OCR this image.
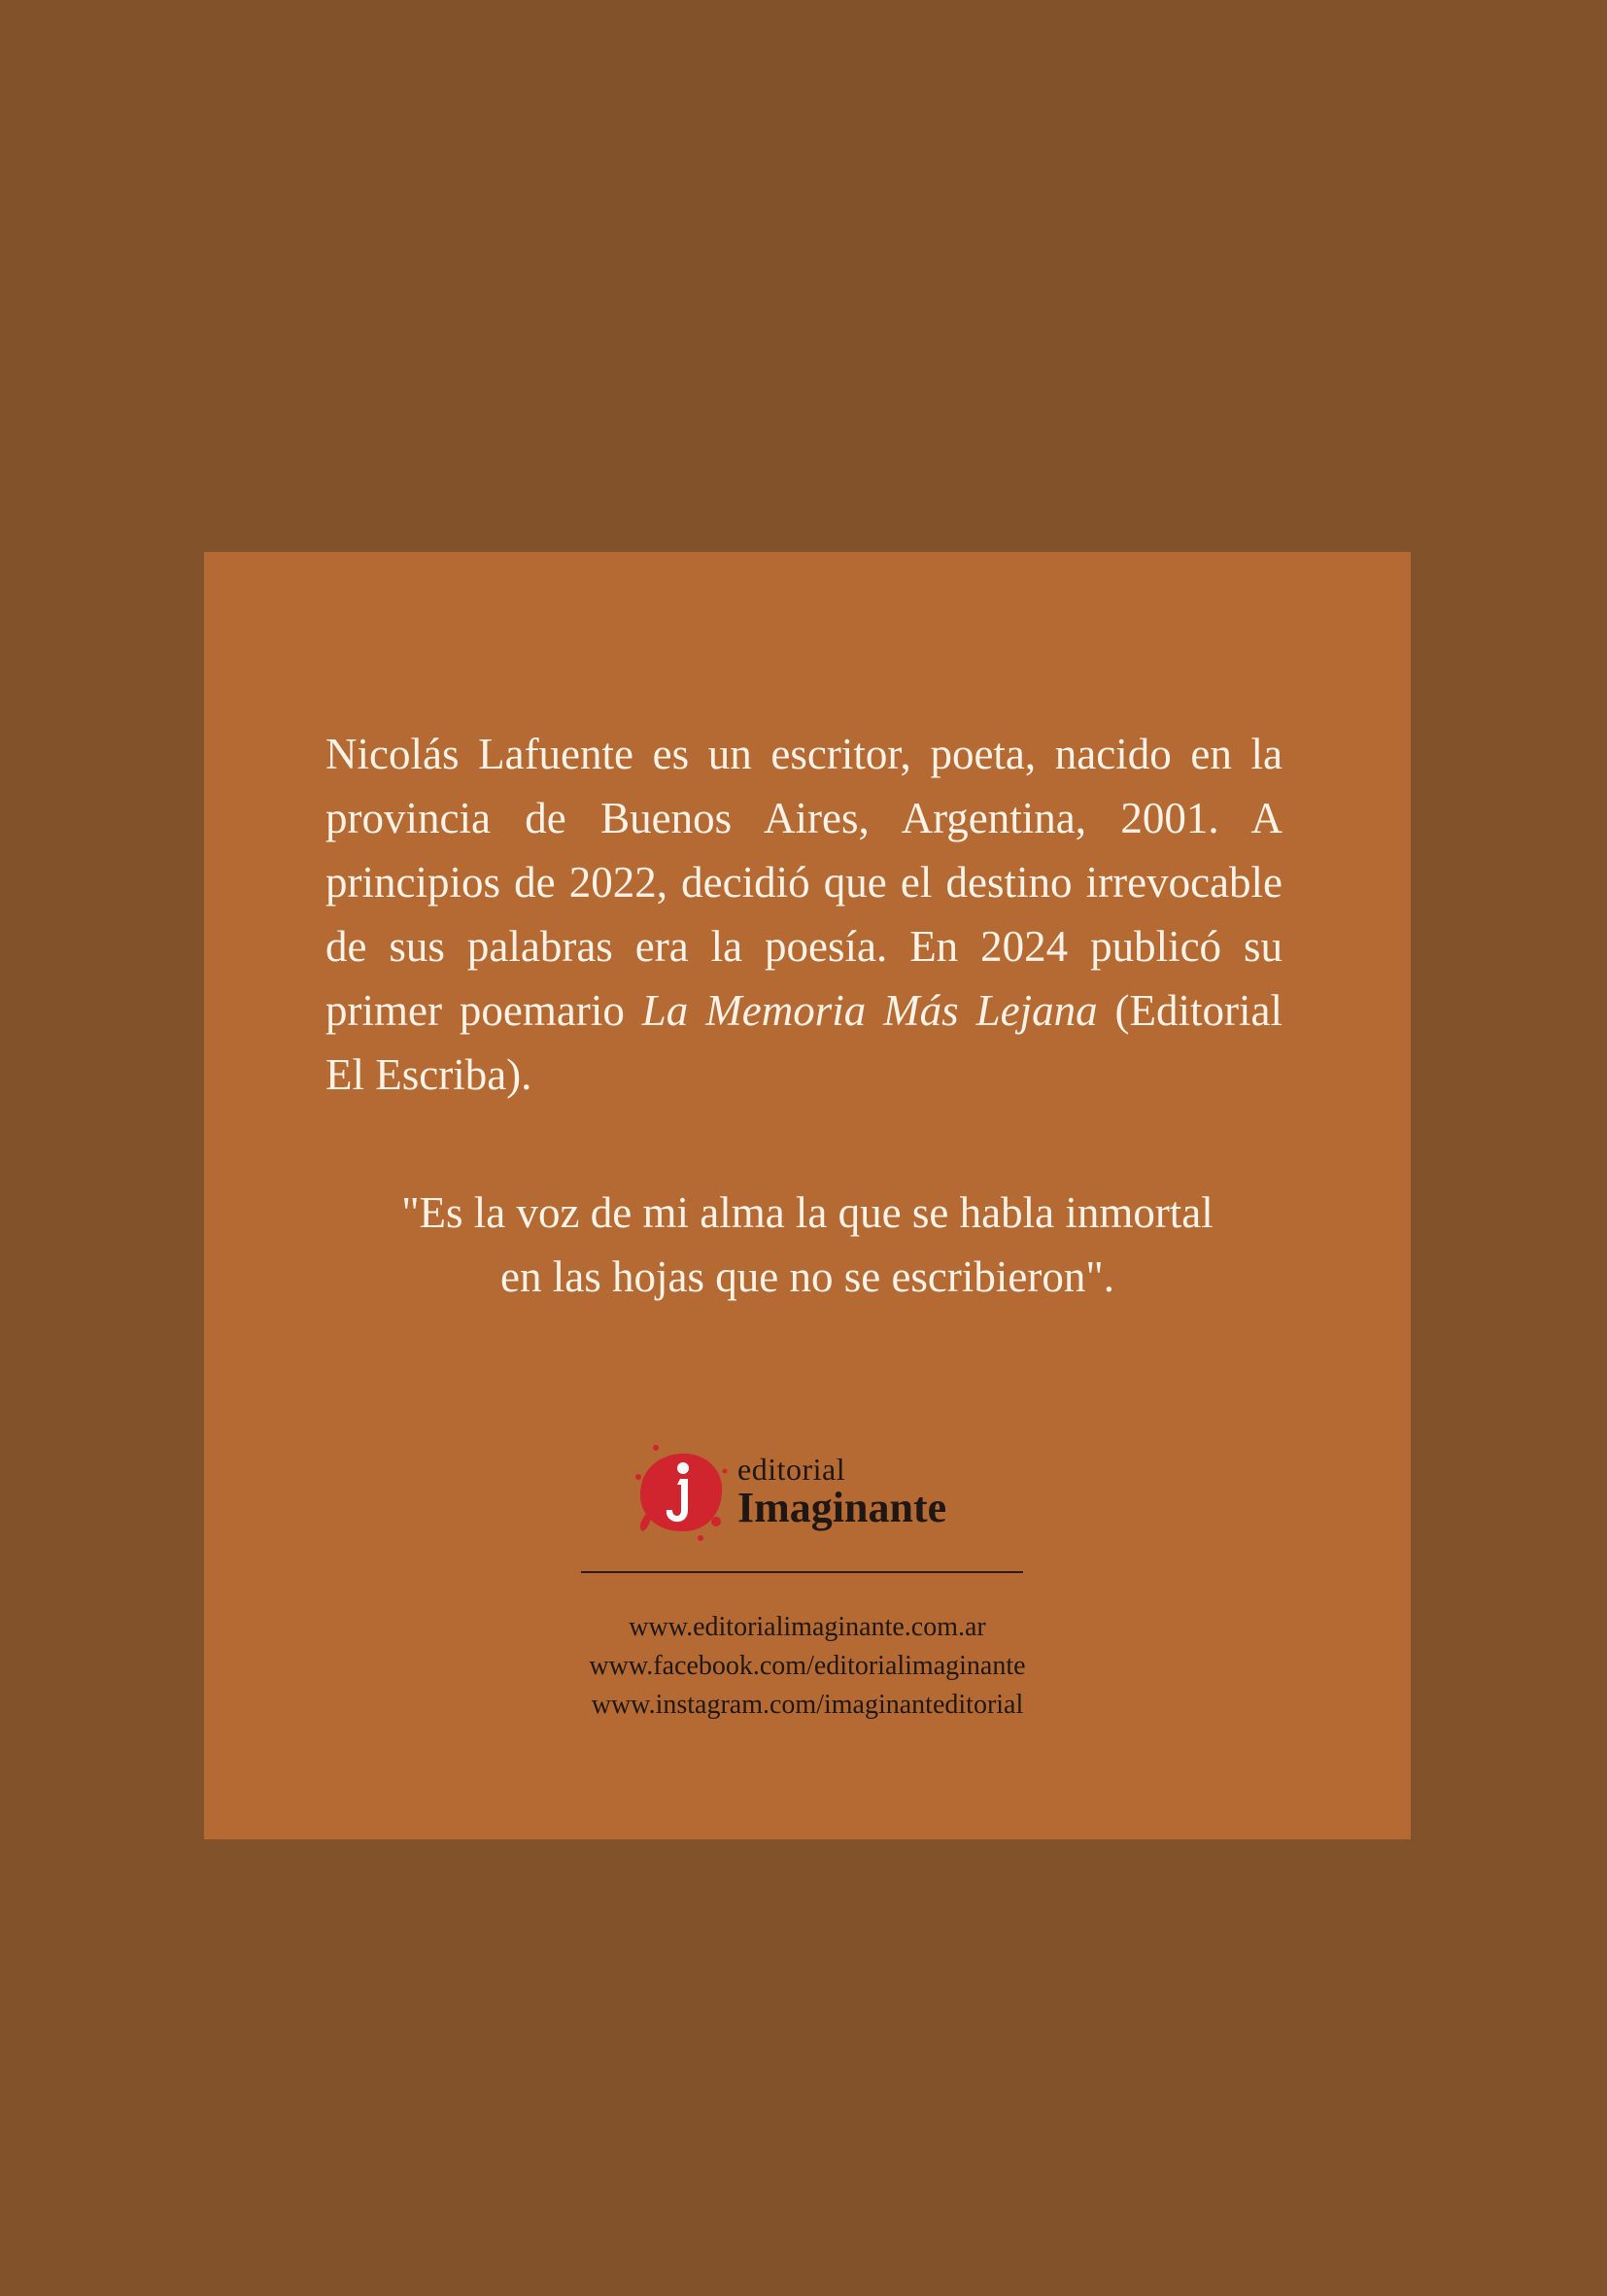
Nicolás Lafuente es un escritor, poeta, nacido en la provincia de Buenos Aires, Argentina, 2001. A principios de 2022, decidió que el destino irrevocable de sus palabras era la poesía. En 2024 publicó su primer poemario La Memoria Más Lejana (Editorial El Escriba).

"Es la voz de mi alma la que se habla inmortal
en las hojas que no se escribieron".

editorial
Imaginante
www.editorialimaginante.com.ar
www.facebook.com/editorialimaginante
www.instagram.com/imaginanteditorial
